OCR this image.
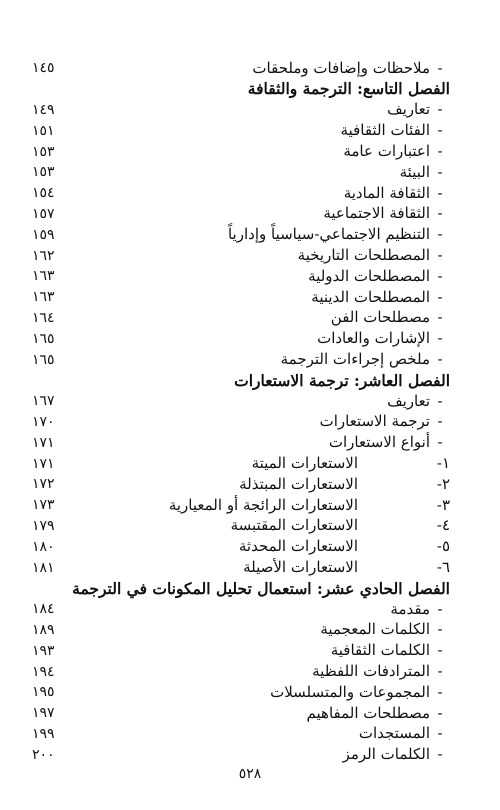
-
ملاحظات وإضافات وملحقات
١٤٥
الفصل التاسع: الترجمة والثقافة
-
تعاريف
١٤٩
-
الفئات الثقافية
١٥١
-
اعتبارات عامة
١٥٣
-
البيئة
١٥٣
-
الثقافة المادية
١٥٤
-
الثقافة الاجتماعية
١٥٧
-
التنظيم الاجتماعي-سياسياً وإدارياً
١٥٩
-
المصطلحات التاريخية
١٦٢
-
المصطلحات الدولية
١٦٣
-
المصطلحات الدينية
١٦٣
-
مصطلحات الفن
١٦٤
-
الإشارات والعادات
١٦٥
-
ملخص إجراءات الترجمة
١٦٥
الفصل العاشر: ترجمة الاستعارات
-
تعاريف
١٦٧
-
ترجمة الاستعارات
١٧٠
-
أنواع الاستعارات
١٧١
١-
الاستعارات الميتة
١٧١
٢-
الاستعارات المبتذلة
١٧٢
٣-
الاستعارات الرائجة أو المعيارية
١٧٣
٤-
الاستعارات المقتبسة
١٧٩
٥-
الاستعارات المحدثة
١٨٠
٦-
الاستعارات الأصيلة
١٨١
الفصل الحادي عشر: استعمال تحليل المكونات في الترجمة
-
مقدمة
١٨٤
-
الكلمات المعجمية
١٨٩
-
الكلمات الثقافية
١٩٣
-
المترادفات اللفظية
١٩٤
-
المجموعات والمتسلسلات
١٩٥
-
مصطلحات المفاهيم
١٩٧
-
المستجدات
١٩٩
-
الكلمات الرمز
٢٠٠
٥٢٨
